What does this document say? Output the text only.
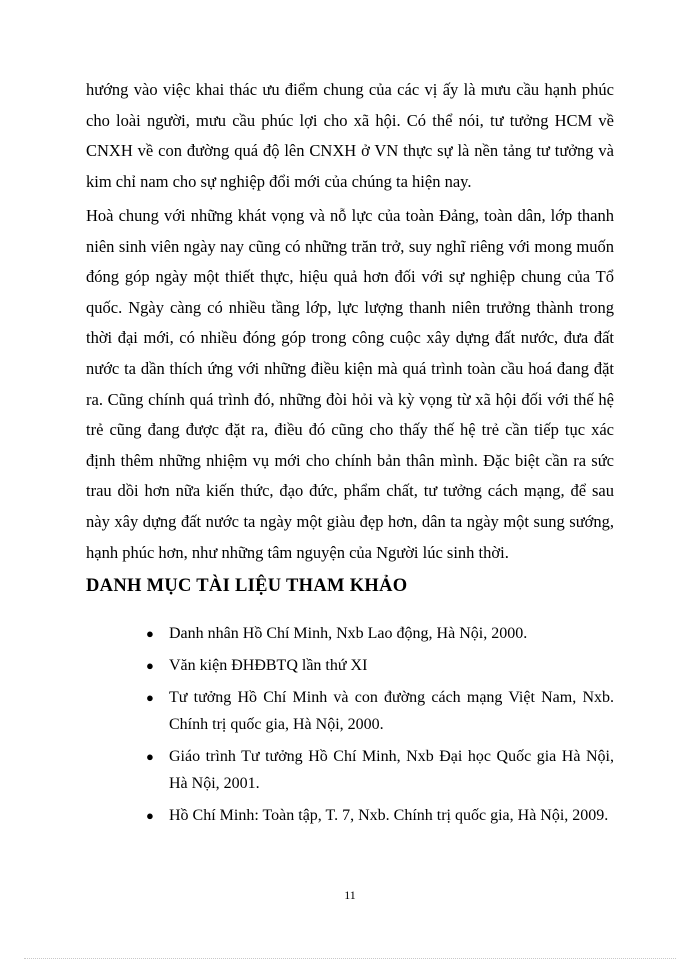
hướng vào việc khai thác ưu điểm chung của các vị ấy là mưu cầu hạnh phúc cho loài người, mưu cầu phúc lợi cho xã hội. Có thể nói, tư tưởng HCM về CNXH về con đường quá độ lên CNXH ở VN thực sự là nền tảng tư tưởng và kim chỉ nam cho sự nghiệp đổi mới của chúng ta hiện nay.

Hoà chung với những khát vọng và nỗ lực của toàn Đảng, toàn dân, lớp thanh niên sinh viên ngày nay cũng có những trăn trở, suy nghĩ riêng với mong muốn đóng góp ngày một thiết thực, hiệu quả hơn đối với sự nghiệp chung của Tổ quốc. Ngày càng có nhiều tầng lớp, lực lượng thanh niên trưởng thành trong thời đại mới, có nhiều đóng góp trong công cuộc xây dựng đất nước, đưa đất nước ta dần thích ứng với những điều kiện mà quá trình toàn cầu hoá đang đặt ra. Cũng chính quá trình đó, những đòi hỏi và kỳ vọng từ xã hội đối với thế hệ trẻ cũng đang được đặt ra, điều đó cũng cho thấy thế hệ trẻ cần tiếp tục xác định thêm những nhiệm vụ mới cho chính bản thân mình. Đặc biệt cần ra sức trau dồi hơn nữa kiến thức, đạo đức, phẩm chất, tư tưởng cách mạng, để sau này xây dựng đất nước ta ngày một giàu đẹp hơn, dân ta ngày một sung sướng, hạnh phúc hơn, như những tâm nguyện của Người lúc sinh thời.

DANH MỤC TÀI LIỆU THAM KHẢO
● Danh nhân Hồ Chí Minh, Nxb Lao động, Hà Nội, 2000.
● Văn kiện ĐHĐBTQ lần thứ XI
● Tư tưởng Hồ Chí Minh và con đường cách mạng Việt Nam, Nxb. Chính trị quốc gia, Hà Nội, 2000.
● Giáo trình Tư tưởng Hồ Chí Minh, Nxb Đại học Quốc gia Hà Nội, Hà Nội, 2001.
● Hồ Chí Minh: Toàn tập, T. 7, Nxb. Chính trị quốc gia, Hà Nội, 2009.
11
